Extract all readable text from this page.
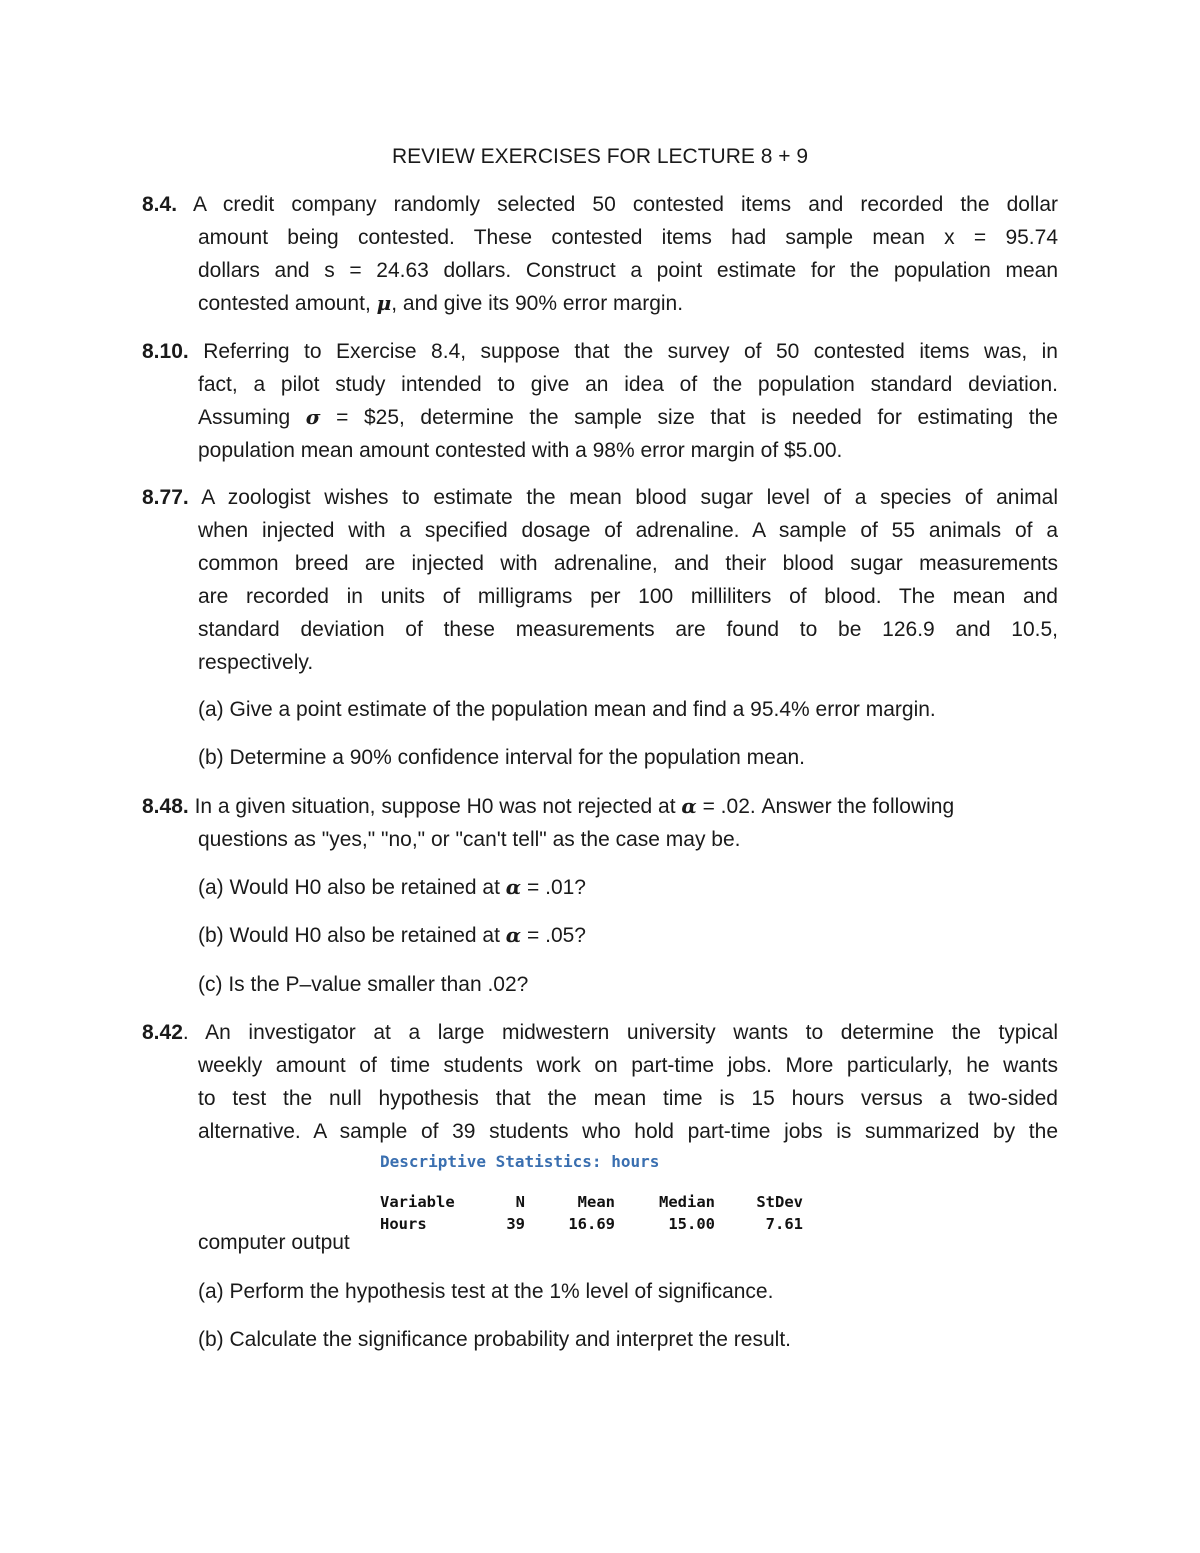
REVIEW EXERCISES FOR LECTURE 8 + 9
8.4. A credit company randomly selected 50 contested items and recorded the dollar
amount being contested. These contested items had sample mean x = 95.74
dollars and s = 24.63 dollars. Construct a point estimate for the population mean
contested amount, μ, and give its 90% error margin.
8.10. Referring to Exercise 8.4, suppose that the survey of 50 contested items was, in
fact, a pilot study intended to give an idea of the population standard deviation.
Assuming σ = $25, determine the sample size that is needed for estimating the
population mean amount contested with a 98% error margin of $5.00.
8.77. A zoologist wishes to estimate the mean blood sugar level of a species of animal
when injected with a specified dosage of adrenaline. A sample of 55 animals of a
common breed are injected with adrenaline, and their blood sugar measurements
are recorded in units of milligrams per 100 milliliters of blood. The mean and
standard deviation of these measurements are found to be 126.9 and 10.5,
respectively.
(a) Give a point estimate of the population mean and find a 95.4% error margin.
(b) Determine a 90% confidence interval for the population mean.
8.48. In a given situation, suppose H0 was not rejected at α = .02. Answer the following
questions as "yes," "no," or "can't tell" as the case may be.
(a) Would H0 also be retained at α = .01?
(b) Would H0 also be retained at α = .05?
(c) Is the P–value smaller than .02?
8.42. An investigator at a large midwestern university wants to determine the typical
weekly amount of time students work on part-time jobs. More particularly, he wants
to test the null hypothesis that the mean time is 15 hours versus a two-sided
alternative. A sample of 39 students who hold part-time jobs is summarized by the
Descriptive Statistics: hours
Variable	N	Mean	Median	StDev
Hours	39	16.69	15.00	7.61
computer output
(a) Perform the hypothesis test at the 1% level of significance.
(b) Calculate the significance probability and interpret the result.
